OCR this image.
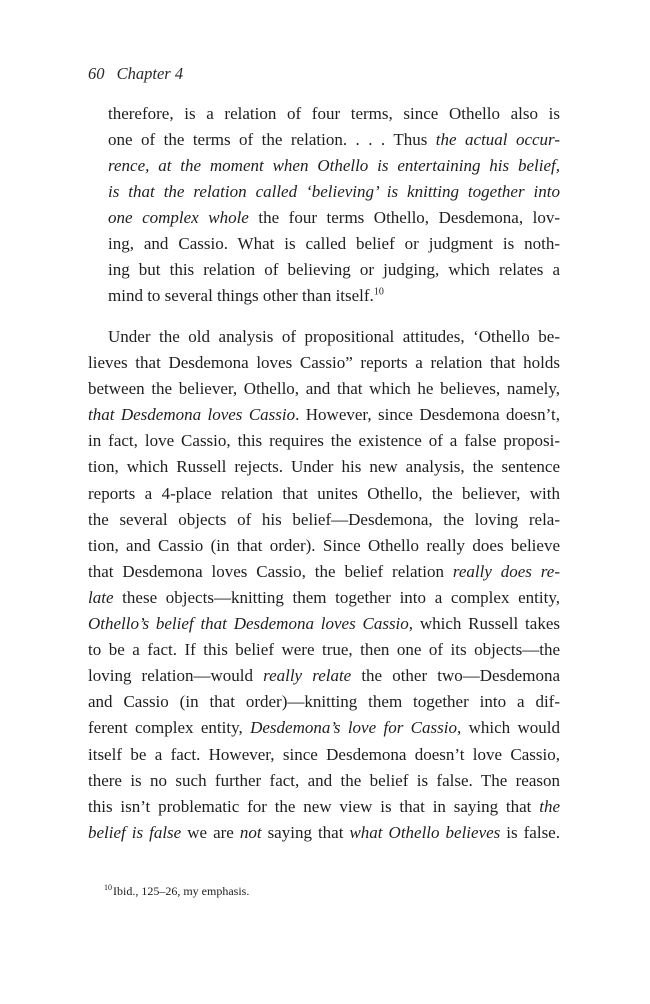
60 Chapter 4
therefore, is a relation of four terms, since Othello also is
one of the terms of the relation. . . . Thus the actual occur-
rence, at the moment when Othello is entertaining his belief,
is that the relation called ‘believing’ is knitting together into
one complex whole the four terms Othello, Desdemona, lov-
ing, and Cassio. What is called belief or judgment is noth-
ing but this relation of believing or judging, which relates a
mind to several things other than itself.$^{10}$
Under the old analysis of propositional attitudes, ‘Othello be-
lieves that Desdemona loves Cassio” reports a relation that holds
between the believer, Othello, and that which he believes, namely,
that Desdemona loves Cassio. However, since Desdemona doesn’t,
in fact, love Cassio, this requires the existence of a false proposi-
tion, which Russell rejects. Under his new analysis, the sentence
reports a 4-place relation that unites Othello, the believer, with
the several objects of his belief—Desdemona, the loving rela-
tion, and Cassio (in that order). Since Othello really does believe
that Desdemona loves Cassio, the belief relation really does re-
late these objects—knitting them together into a complex entity,
Othello’s belief that Desdemona loves Cassio, which Russell takes
to be a fact. If this belief were true, then one of its objects—the
loving relation—would really relate the other two—Desdemona
and Cassio (in that order)—knitting them together into a dif-
ferent complex entity, Desdemona’s love for Cassio, which would
itself be a fact. However, since Desdemona doesn’t love Cassio,
there is no such further fact, and the belief is false. The reason
this isn’t problematic for the new view is that in saying that the
belief is false we are not saying that what Othello believes is false.
$^{10}$Ibid., 125–26, my emphasis.
